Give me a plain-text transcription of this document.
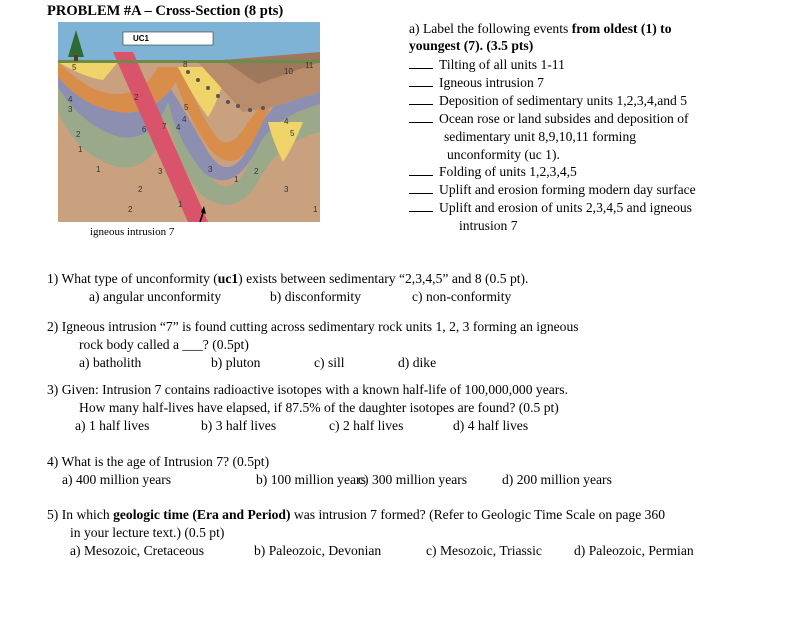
PROBLEM #A – Cross-Section (8 pts)
UC1
5
4
3
2
1
2
6
8
10
11
5
4
3
2
1
7
3
5
4
2
3
1
1
4
2
1
igneous intrusion 7
a) Label the following events from oldest (1) to
youngest (7). (3.5 pts)
Tilting of all units 1-11
Igneous intrusion 7
Deposition of sedimentary units 1,2,3,4,and 5
Ocean rose or land subsides and deposition of
sedimentary unit 8,9,10,11 forming
unconformity (uc 1).
Folding of units 1,2,3,4,5
Uplift and erosion forming modern day surface
Uplift and erosion of units 2,3,4,5 and igneous
intrusion 7
1) What type of unconformity (uc1) exists between sedimentary “2,3,4,5” and 8 (0.5 pt).
a) angular unconformity	b) disconformity	c) non-conformity
2) Igneous intrusion “7” is found cutting across sedimentary rock units 1, 2, 3 forming an igneous
rock body called a ___? (0.5pt)
a) batholith	b) pluton	c) sill	d) dike
3) Given: Intrusion 7 contains radioactive isotopes with a known half-life of 100,000,000 years.
How many half-lives have elapsed, if 87.5% of the daughter isotopes are found? (0.5 pt)
a) 1 half lives	b) 3 half lives	c) 2 half lives	d) 4 half lives
4) What is the age of Intrusion 7? (0.5pt)
a) 400 million years	b) 100 million years
c) 300 million years	d) 200 million years
5) In which geologic time (Era and Period) was intrusion 7 formed? (Refer to Geologic Time Scale on page 360
in your lecture text.) (0.5 pt)
a) Mesozoic, Cretaceous	b) Paleozoic, Devonian	c) Mesozoic, Triassic d) Paleozoic, Permian
